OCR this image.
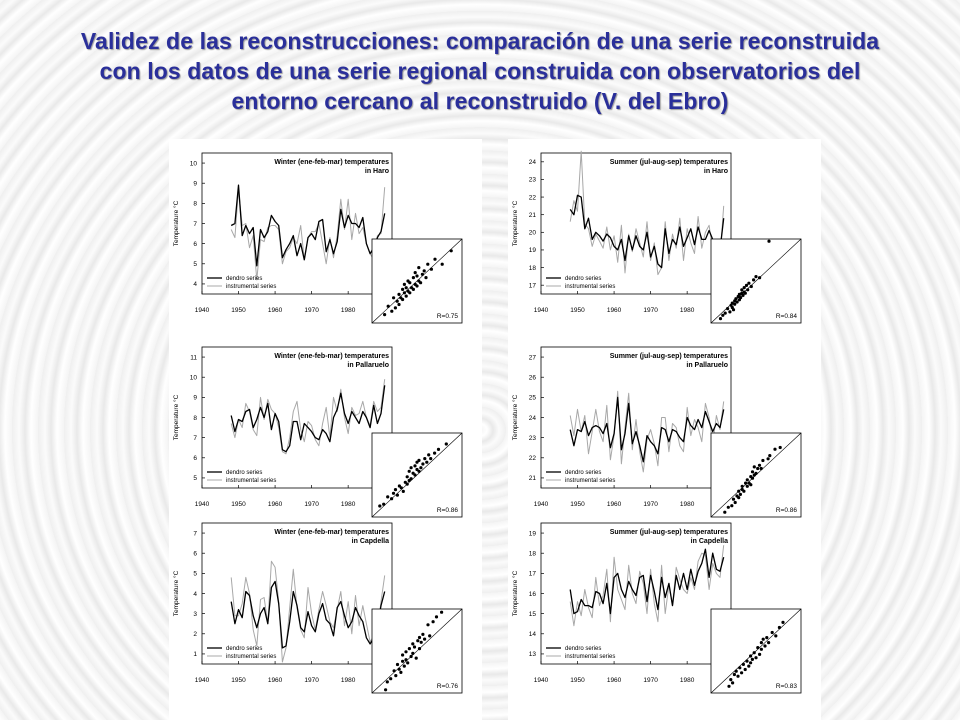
Validez de las reconstrucciones: comparación de una serie reconstruida
con los datos de una serie regional construida con observatorios del
entorno cercano al reconstruido (V. del Ebro)
Winter (ene-feb-mar) temperatures
in Haro
Temperature °C
4
5
6
7
8
9
10
1940	1950	1960	1970	1980
dendro series
instrumental series
R=0.75
Winter (ene-feb-mar) temperatures
in Pallaruelo
Temperature °C
5
6
7
8
9
10
11
1940	1950	1960	1970	1980
dendro series
instrumental series
R=0.86
Winter (ene-feb-mar) temperatures
in Capdella
Temperature °C
1
2
3
4
5
6
7
1940	1950	1960	1970	1980
dendro series
instrumental series
R=0.76
Summer (jul-aug-sep) temperatures
in Haro
Temperature °C
17
18
19
20
21
22
23
24
1940	1950	1960	1970	1980
dendro series
instrumental series
R=0.84
Summer (jul-aug-sep) temperatures
in Pallaruelo
Temperature °C
21
22
23
24
25
26
27
1940	1950	1960	1970	1980
dendro series
instrumental series
R=0.86
Summer (jul-aug-sep) temperatures
in Capdella
Temperature °C
13
14
15
16
17
18
19
1940	1950	1960	1970	1980
dendro series
instrumental series
R=0.83
